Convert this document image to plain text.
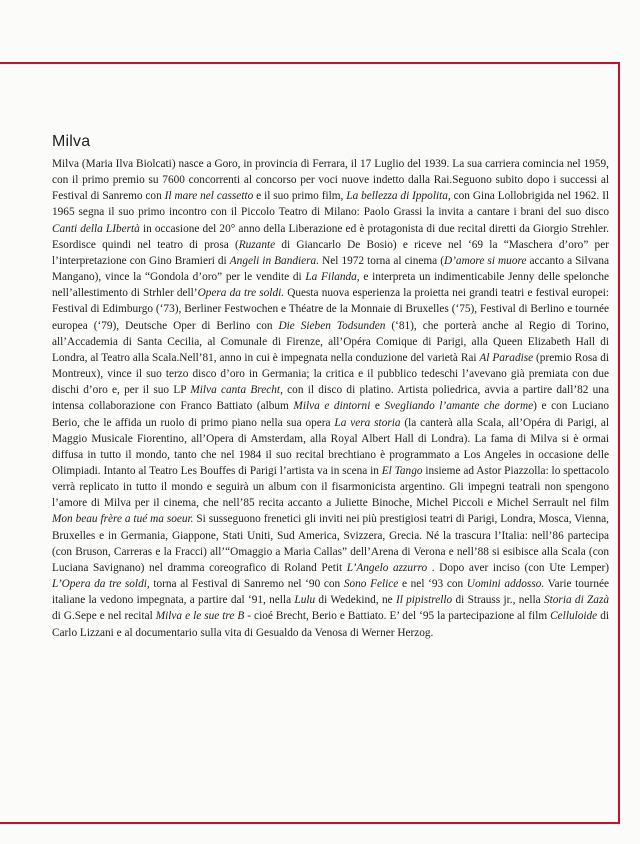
Milva

Milva (Maria Ilva Biolcati) nasce a Goro, in provincia di Ferrara, il 17 Luglio del 1939. La sua carriera comincia nel 1959, con il primo premio su 7600 concorrenti al concorso per voci nuove indetto dalla Rai.Seguono subito dopo i successi al Festival di Sanremo con Il mare nel cassetto e il suo primo film, La bellezza di Ippolita, con Gina Lollobrigida nel 1962. Il 1965 segna il suo primo incontro con il Piccolo Teatro di Milano: Paolo Grassi la invita a cantare i brani del suo disco Canti della LIbertà in occasione del 20° anno della Liberazione ed è protagonista di due recital diretti da Giorgio Strehler. Esordisce quindi nel teatro di prosa (Ruzante di Giancarlo De Bosio) e riceve nel ‘69 la “Maschera d’oro” per l’interpretazione con Gino Bramieri di Angeli in Bandiera. Nel 1972 torna al cinema (D’amore si muore accanto a Silvana Mangano), vince la “Gondola d’oro” per le vendite di La Filanda, e interpreta un indimenticabile Jenny delle spelonche nell’allestimento di Strhler dell’Opera da tre soldi. Questa nuova esperienza la proietta nei grandi teatri e festival europei: Festival di Edimburgo (‘73), Berliner Festwochen e Théatre de la Monnaie di Bruxelles (‘75), Festival di Berlino e tournée europea (‘79), Deutsche Oper di Berlino con Die Sieben Todsunden (‘81), che porterà anche al Regio di Torino, all’Accademia di Santa Cecilia, al Comunale di Firenze, all’Opéra Comique di Parigi, alla Queen Elizabeth Hall di Londra, al Teatro alla Scala.Nell’81, anno in cui è impegnata nella conduzione del varietà Rai Al Paradise (premio Rosa di Montreux), vince il suo terzo disco d’oro in Germania; la critica e il pubblico tedeschi l’avevano già premiata con due dischi d’oro e, per il suo LP Milva canta Brecht, con il disco di platino. Artista poliedrica, avvia a partire dall’82 una intensa collaborazione con Franco Battiato (album Milva e dintorni e Svegliando l’amante che dorme) e con Luciano Berio, che le affida un ruolo di primo piano nella sua opera La vera storia (la canterà alla Scala, all’Opéra di Parigi, al Maggio Musicale Fiorentino, all’Opera di Amsterdam, alla Royal Albert Hall di Londra). La fama di Milva si è ormai diffusa in tutto il mondo, tanto che nel 1984 il suo recital brechtiano è programmato a Los Angeles in occasione delle Olimpiadi. Intanto al Teatro Les Bouffes di Parigi l’artista va in scena in El Tango insieme ad Astor Piazzolla: lo spettacolo verrà replicato in tutto il mondo e seguirà un album con il fisarmonicista argentino. Gli impegni teatrali non spengono l’amore di Milva per il cinema, che nell’85 recita accanto a Juliette Binoche, Michel Piccoli e Michel Serrault nel film Mon beau frère a tué ma soeur. Si susseguono frenetici gli inviti nei più prestigiosi teatri di Parigi, Londra, Mosca, Vienna, Bruxelles e in Germania, Giappone, Stati Uniti, Sud America, Svizzera, Grecia. Né la trascura l’Italia: nell’86 partecipa (con Bruson, Carreras e la Fracci) all’“Omaggio a Maria Callas” dell’Arena di Verona e nell’88 si esibisce alla Scala (con Luciana Savignano) nel dramma coreografico di Roland Petit L’Angelo azzurro . Dopo aver inciso (con Ute Lemper) L’Opera da tre soldi, torna al Festival di Sanremo nel ‘90 con Sono Felice e nel ‘93 con Uomini addosso. Varie tournée italiane la vedono impegnata, a partire dal ‘91, nella Lulu di Wedekind, ne Il pipistrello di Strauss jr., nella Storia di Zazà di G.Sepe e nel recital Milva e le sue tre B - cioé Brecht, Berio e Battiato. E’ del ‘95 la partecipazione al film Celluloide di Carlo Lizzani e al documentario sulla vita di Gesualdo da Venosa di Werner Herzog.
